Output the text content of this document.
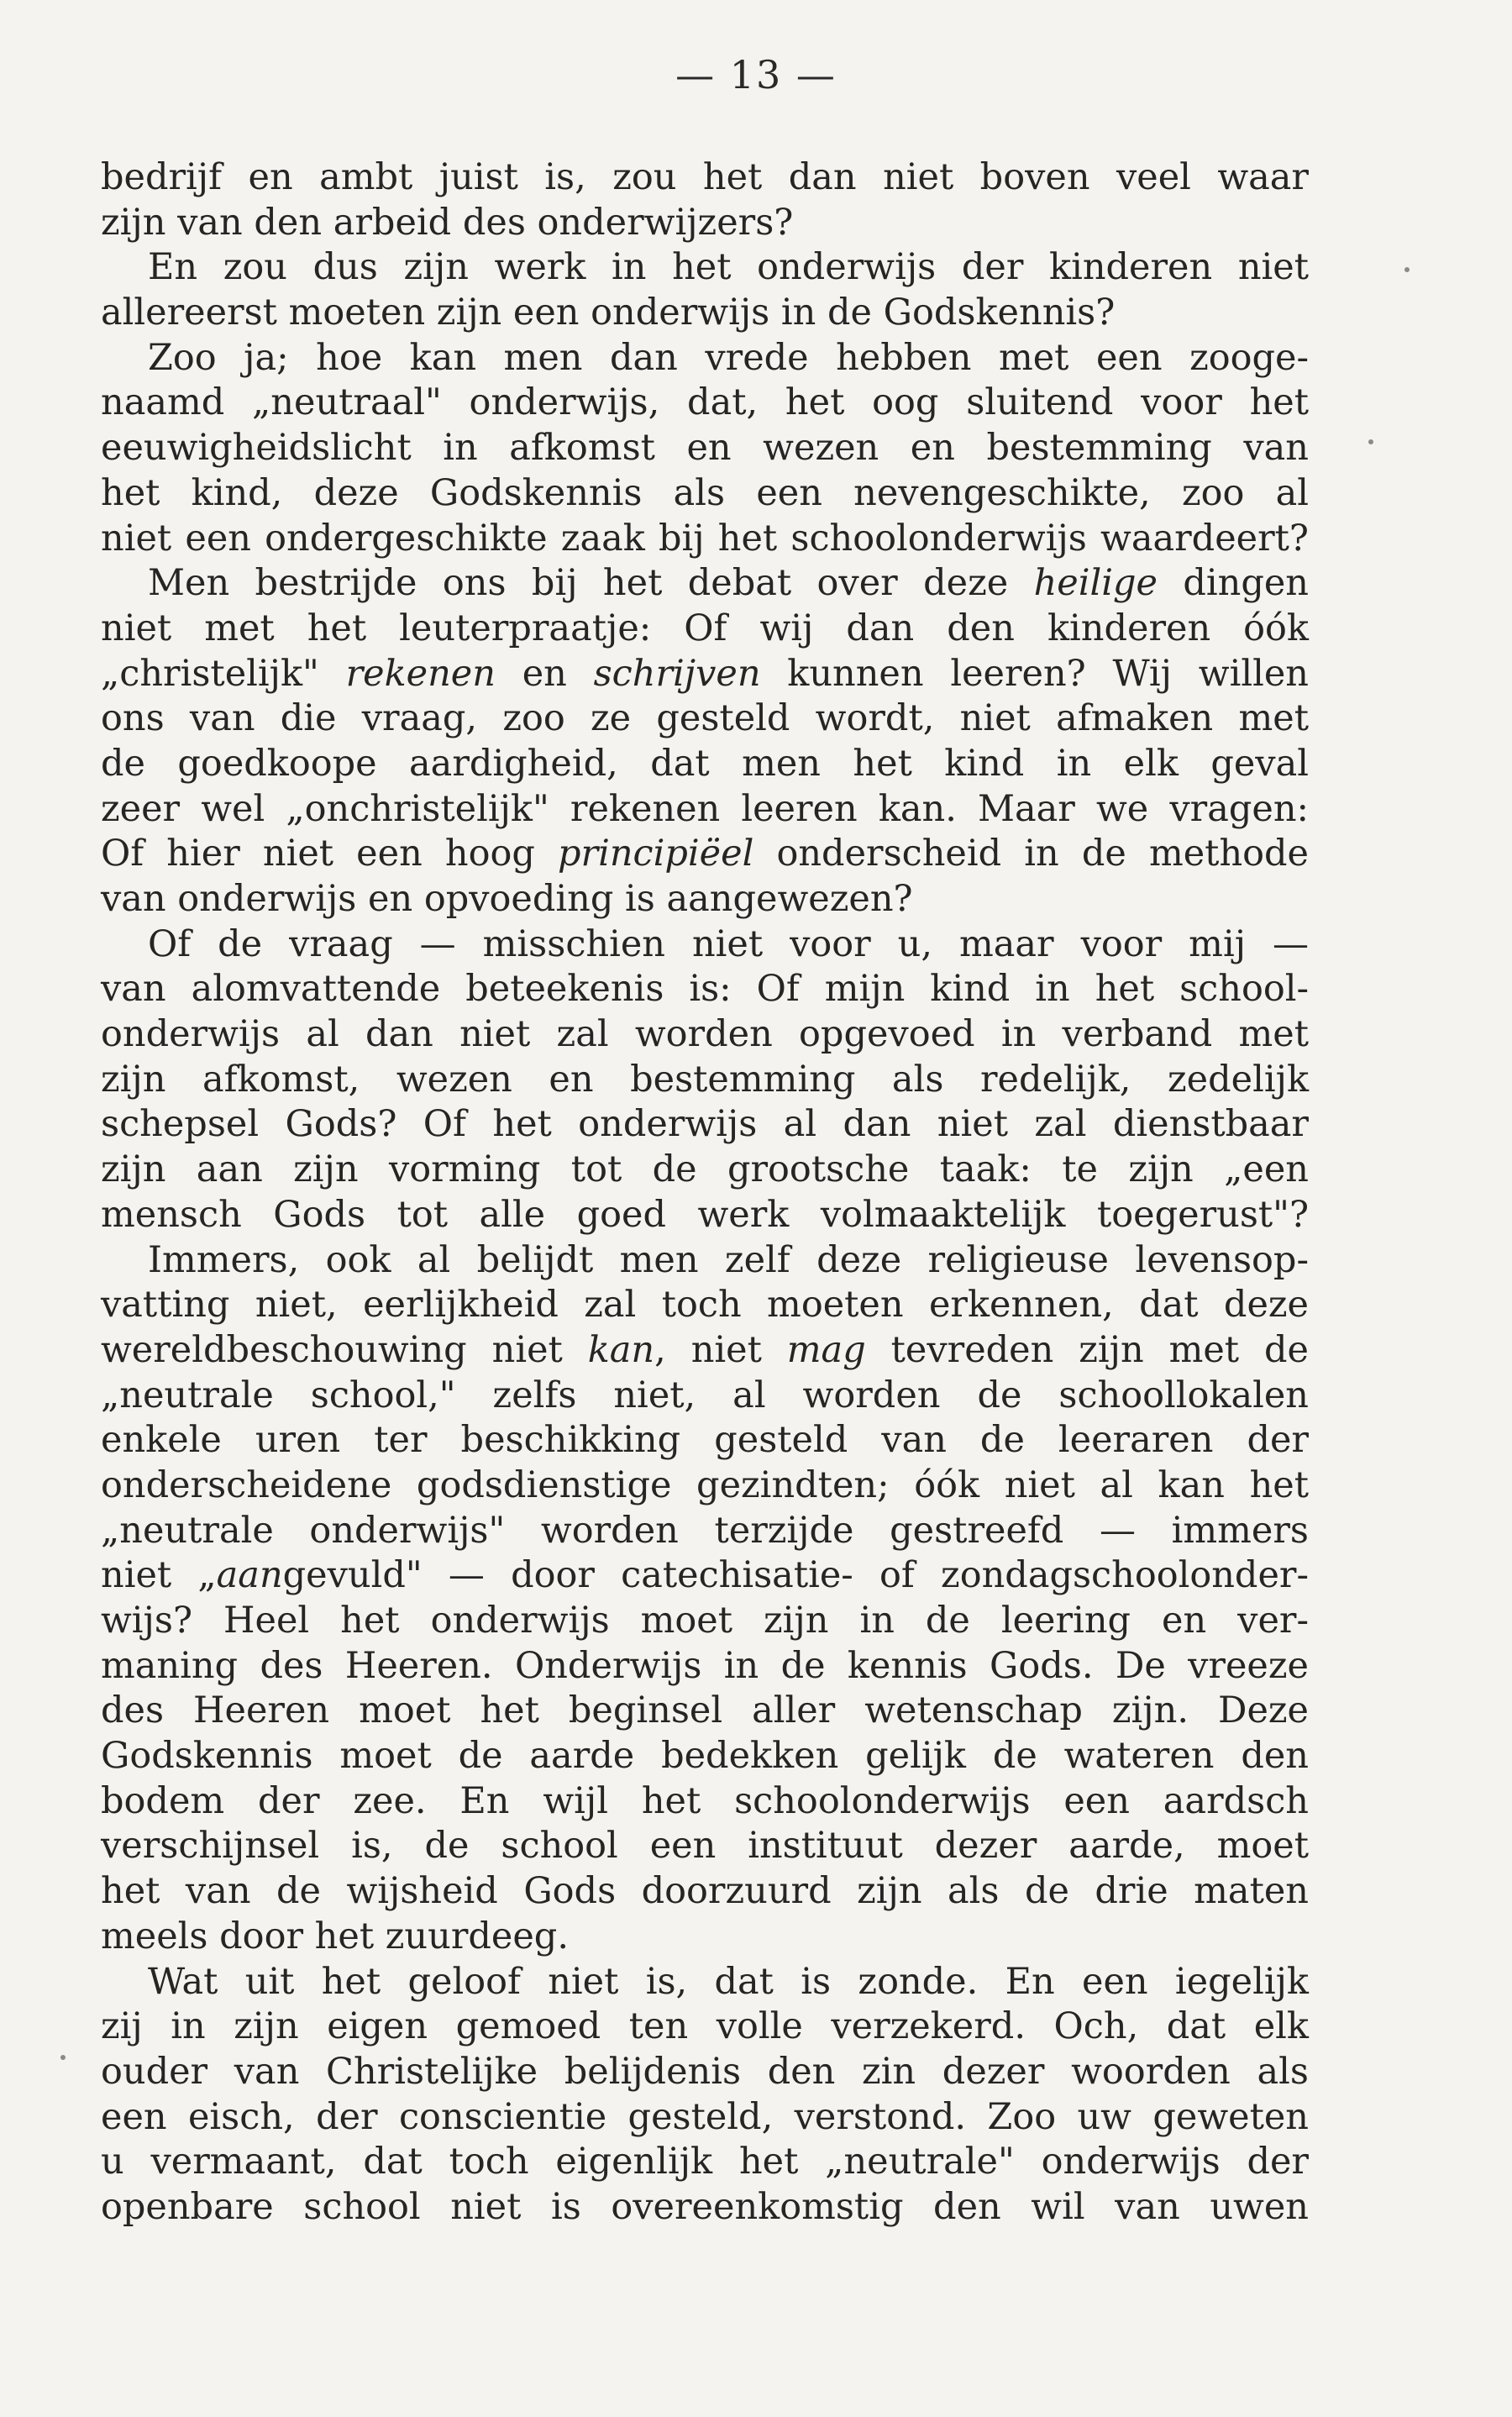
— 13 —
bedrijf en ambt juist is, zou het dan niet boven veel waar
zijn van den arbeid des onderwijzers?
En zou dus zijn werk in het onderwijs der kinderen niet
allereerst moeten zijn een onderwijs in de Godskennis?
Zoo ja; hoe kan men dan vrede hebben met een zooge-
naamd „neutraal" onderwijs, dat, het oog sluitend voor het
eeuwigheidslicht in afkomst en wezen en bestemming van
het kind, deze Godskennis als een nevengeschikte, zoo al
niet een ondergeschikte zaak bij het schoolonderwijs waardeert?
Men bestrijde ons bij het debat over deze heilige dingen
niet met het leuterpraatje: Of wij dan den kinderen óók
„christelijk" rekenen en schrijven kunnen leeren? Wij willen
ons van die vraag, zoo ze gesteld wordt, niet afmaken met
de goedkoope aardigheid, dat men het kind in elk geval
zeer wel „onchristelijk" rekenen leeren kan. Maar we vragen:
Of hier niet een hoog principiëel onderscheid in de methode
van onderwijs en opvoeding is aangewezen?
Of de vraag — misschien niet voor u, maar voor mij —
van alomvattende beteekenis is: Of mijn kind in het school-
onderwijs al dan niet zal worden opgevoed in verband met
zijn afkomst, wezen en bestemming als redelijk, zedelijk
schepsel Gods? Of het onderwijs al dan niet zal dienstbaar
zijn aan zijn vorming tot de grootsche taak: te zijn „een
mensch Gods tot alle goed werk volmaaktelijk toegerust"?
Immers, ook al belijdt men zelf deze religieuse levensop-
vatting niet, eerlijkheid zal toch moeten erkennen, dat deze
wereldbeschouwing niet kan, niet mag tevreden zijn met de
„neutrale school," zelfs niet, al worden de schoollokalen
enkele uren ter beschikking gesteld van de leeraren der
onderscheidene godsdienstige gezindten; óók niet al kan het
„neutrale onderwijs" worden terzijde gestreefd — immers
niet „aangevuld" — door catechisatie- of zondagschoolonder-
wijs? Heel het onderwijs moet zijn in de leering en ver-
maning des Heeren. Onderwijs in de kennis Gods. De vreeze
des Heeren moet het beginsel aller wetenschap zijn. Deze
Godskennis moet de aarde bedekken gelijk de wateren den
bodem der zee. En wijl het schoolonderwijs een aardsch
verschijnsel is, de school een instituut dezer aarde, moet
het van de wijsheid Gods doorzuurd zijn als de drie maten
meels door het zuurdeeg.
Wat uit het geloof niet is, dat is zonde. En een iegelijk
zij in zijn eigen gemoed ten volle verzekerd. Och, dat elk
ouder van Christelijke belijdenis den zin dezer woorden als
een eisch, der conscientie gesteld, verstond. Zoo uw geweten
u vermaant, dat toch eigenlijk het „neutrale" onderwijs der
openbare school niet is overeenkomstig den wil van uwen
